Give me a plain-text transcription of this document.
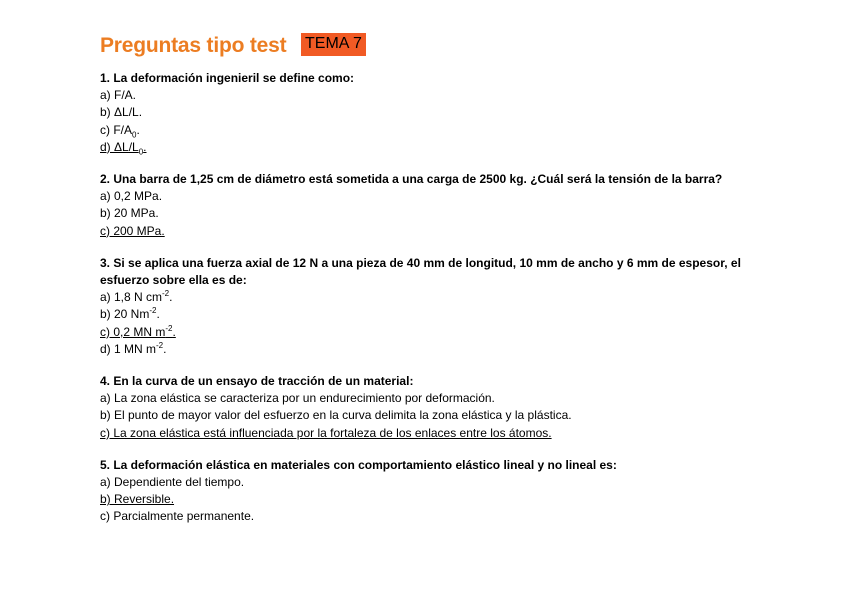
Preguntas tipo test TEMA 7
1. La deformación ingenieril se define como:
a) F/A.
b) ΔL/L.
c) $F/A_0$.
d) $\Delta L/L_0$.
2. Una barra de 1,25 cm de diámetro está sometida a una carga de 2500 kg. ¿Cuál será la tensión de la barra?
a) 0,2 MPa.
b) 20 MPa.
c) 200 MPa.
3. Si se aplica una fuerza axial de 12 N a una pieza de 40 mm de longitud, 10 mm de ancho y 6 mm de espesor, el esfuerzo sobre ella es de:
a) 1,8 N $cm^{-2}$.
b) 20 $Nm^{-2}$.
c) 0,2 MN $m^{-2}$.
d) 1 MN $m^{-2}$.
4. En la curva de un ensayo de tracción de un material:
a) La zona elástica se caracteriza por un endurecimiento por deformación.
b) El punto de mayor valor del esfuerzo en la curva delimita la zona elástica y la plástica.
c) La zona elástica está influenciada por la fortaleza de los enlaces entre los átomos.
5. La deformación elástica en materiales con comportamiento elástico lineal y no lineal es:
a) Dependiente del tiempo.
b) Reversible.
c) Parcialmente permanente.
